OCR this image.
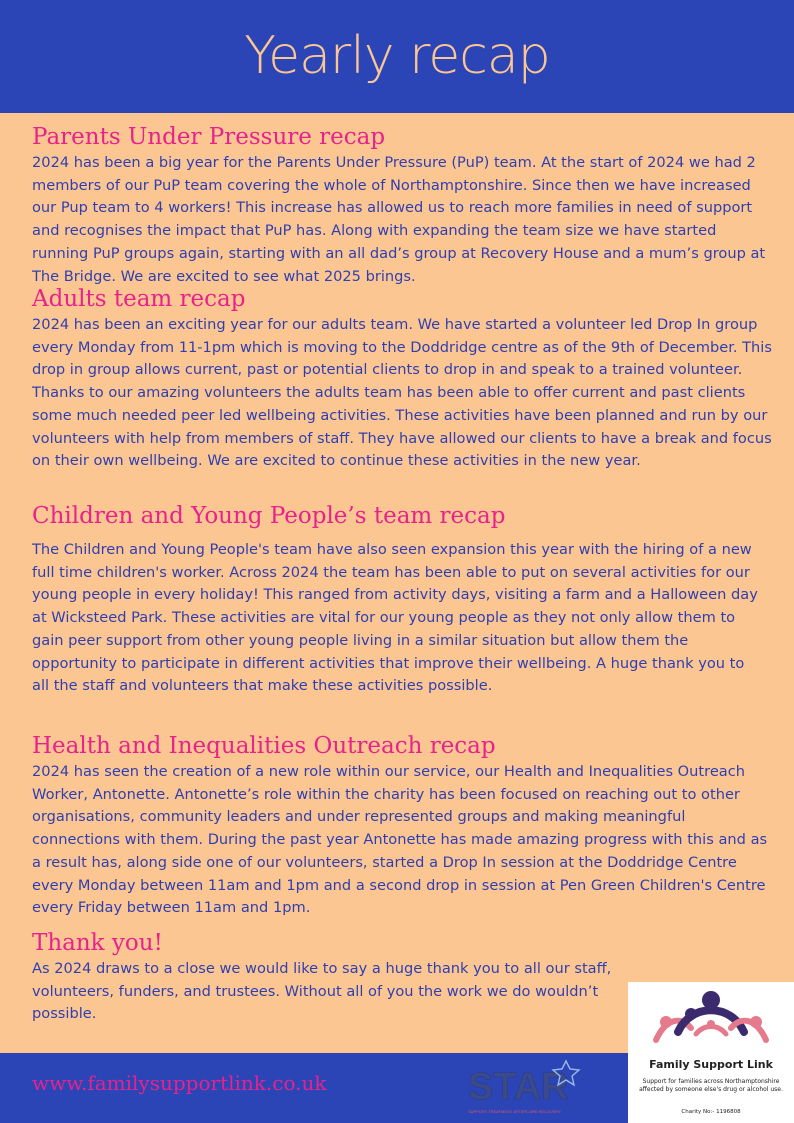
Yearly recap
Parents Under Pressure recap

2024 has been a big year for the Parents Under Pressure (PuP) team. At the start of 2024 we had 2 members of our PuP team covering the whole of Northamptonshire. Since then we have increased our Pup team to 4 workers! This increase has allowed us to reach more families in need of support and recognises the impact that PuP has. Along with expanding the team size we have started running PuP groups again, starting with an all dad’s group at Recovery House and a mum’s group at The Bridge. We are excited to see what 2025 brings.

Adults team recap

2024 has been an exciting year for our adults team. We have started a volunteer led Drop In group every Monday from 11-1pm which is moving to the Doddridge centre as of the 9th of December. This drop in group allows current, past or potential clients to drop in and speak to a trained volunteer. Thanks to our amazing volunteers the adults team has been able to offer current and past clients some much needed peer led wellbeing activities. These activities have been planned and run by our volunteers with help from members of staff. They have allowed our clients to have a break and focus on their own wellbeing. We are excited to continue these activities in the new year.

Children and Young People’s team recap

The Children and Young People's team have also seen expansion this year with the hiring of a new full time children's worker. Across 2024 the team has been able to put on several activities for our young people in every holiday! This ranged from activity days, visiting a farm and a Halloween day at Wicksteed Park. These activities are vital for our young people as they not only allow them to gain peer support from other young people living in a similar situation but allow them the opportunity to participate in different activities that improve their wellbeing. A huge thank you to all the staff and volunteers that make these activities possible.

Health and Inequalities Outreach recap

2024 has seen the creation of a new role within our service, our Health and Inequalities Outreach Worker, Antonette. Antonette’s role within the charity has been focused on reaching out to other organisations, community leaders and under represented groups and making meaningful connections with them. During the past year Antonette has made amazing progress with this and as a result has, along side one of our volunteers, started a Drop In session at the Doddridge Centre every Monday between 11am and 1pm and a second drop in session at Pen Green Children's Centre every Friday between 11am and 1pm.

Thank you!

As 2024 draws to a close we would like to say a huge thank you to all our staff, volunteers, funders, and trustees. Without all of you the work we do wouldn’t possible.

www.familysupportlink.co.uk	STAR
SUPPORT TREATMENT AFTERCARE RECOVERY
Family Support Link
Support for families across Northamptonshire affected by someone else's drug or alcohol use.
Charity No:- 1196808
